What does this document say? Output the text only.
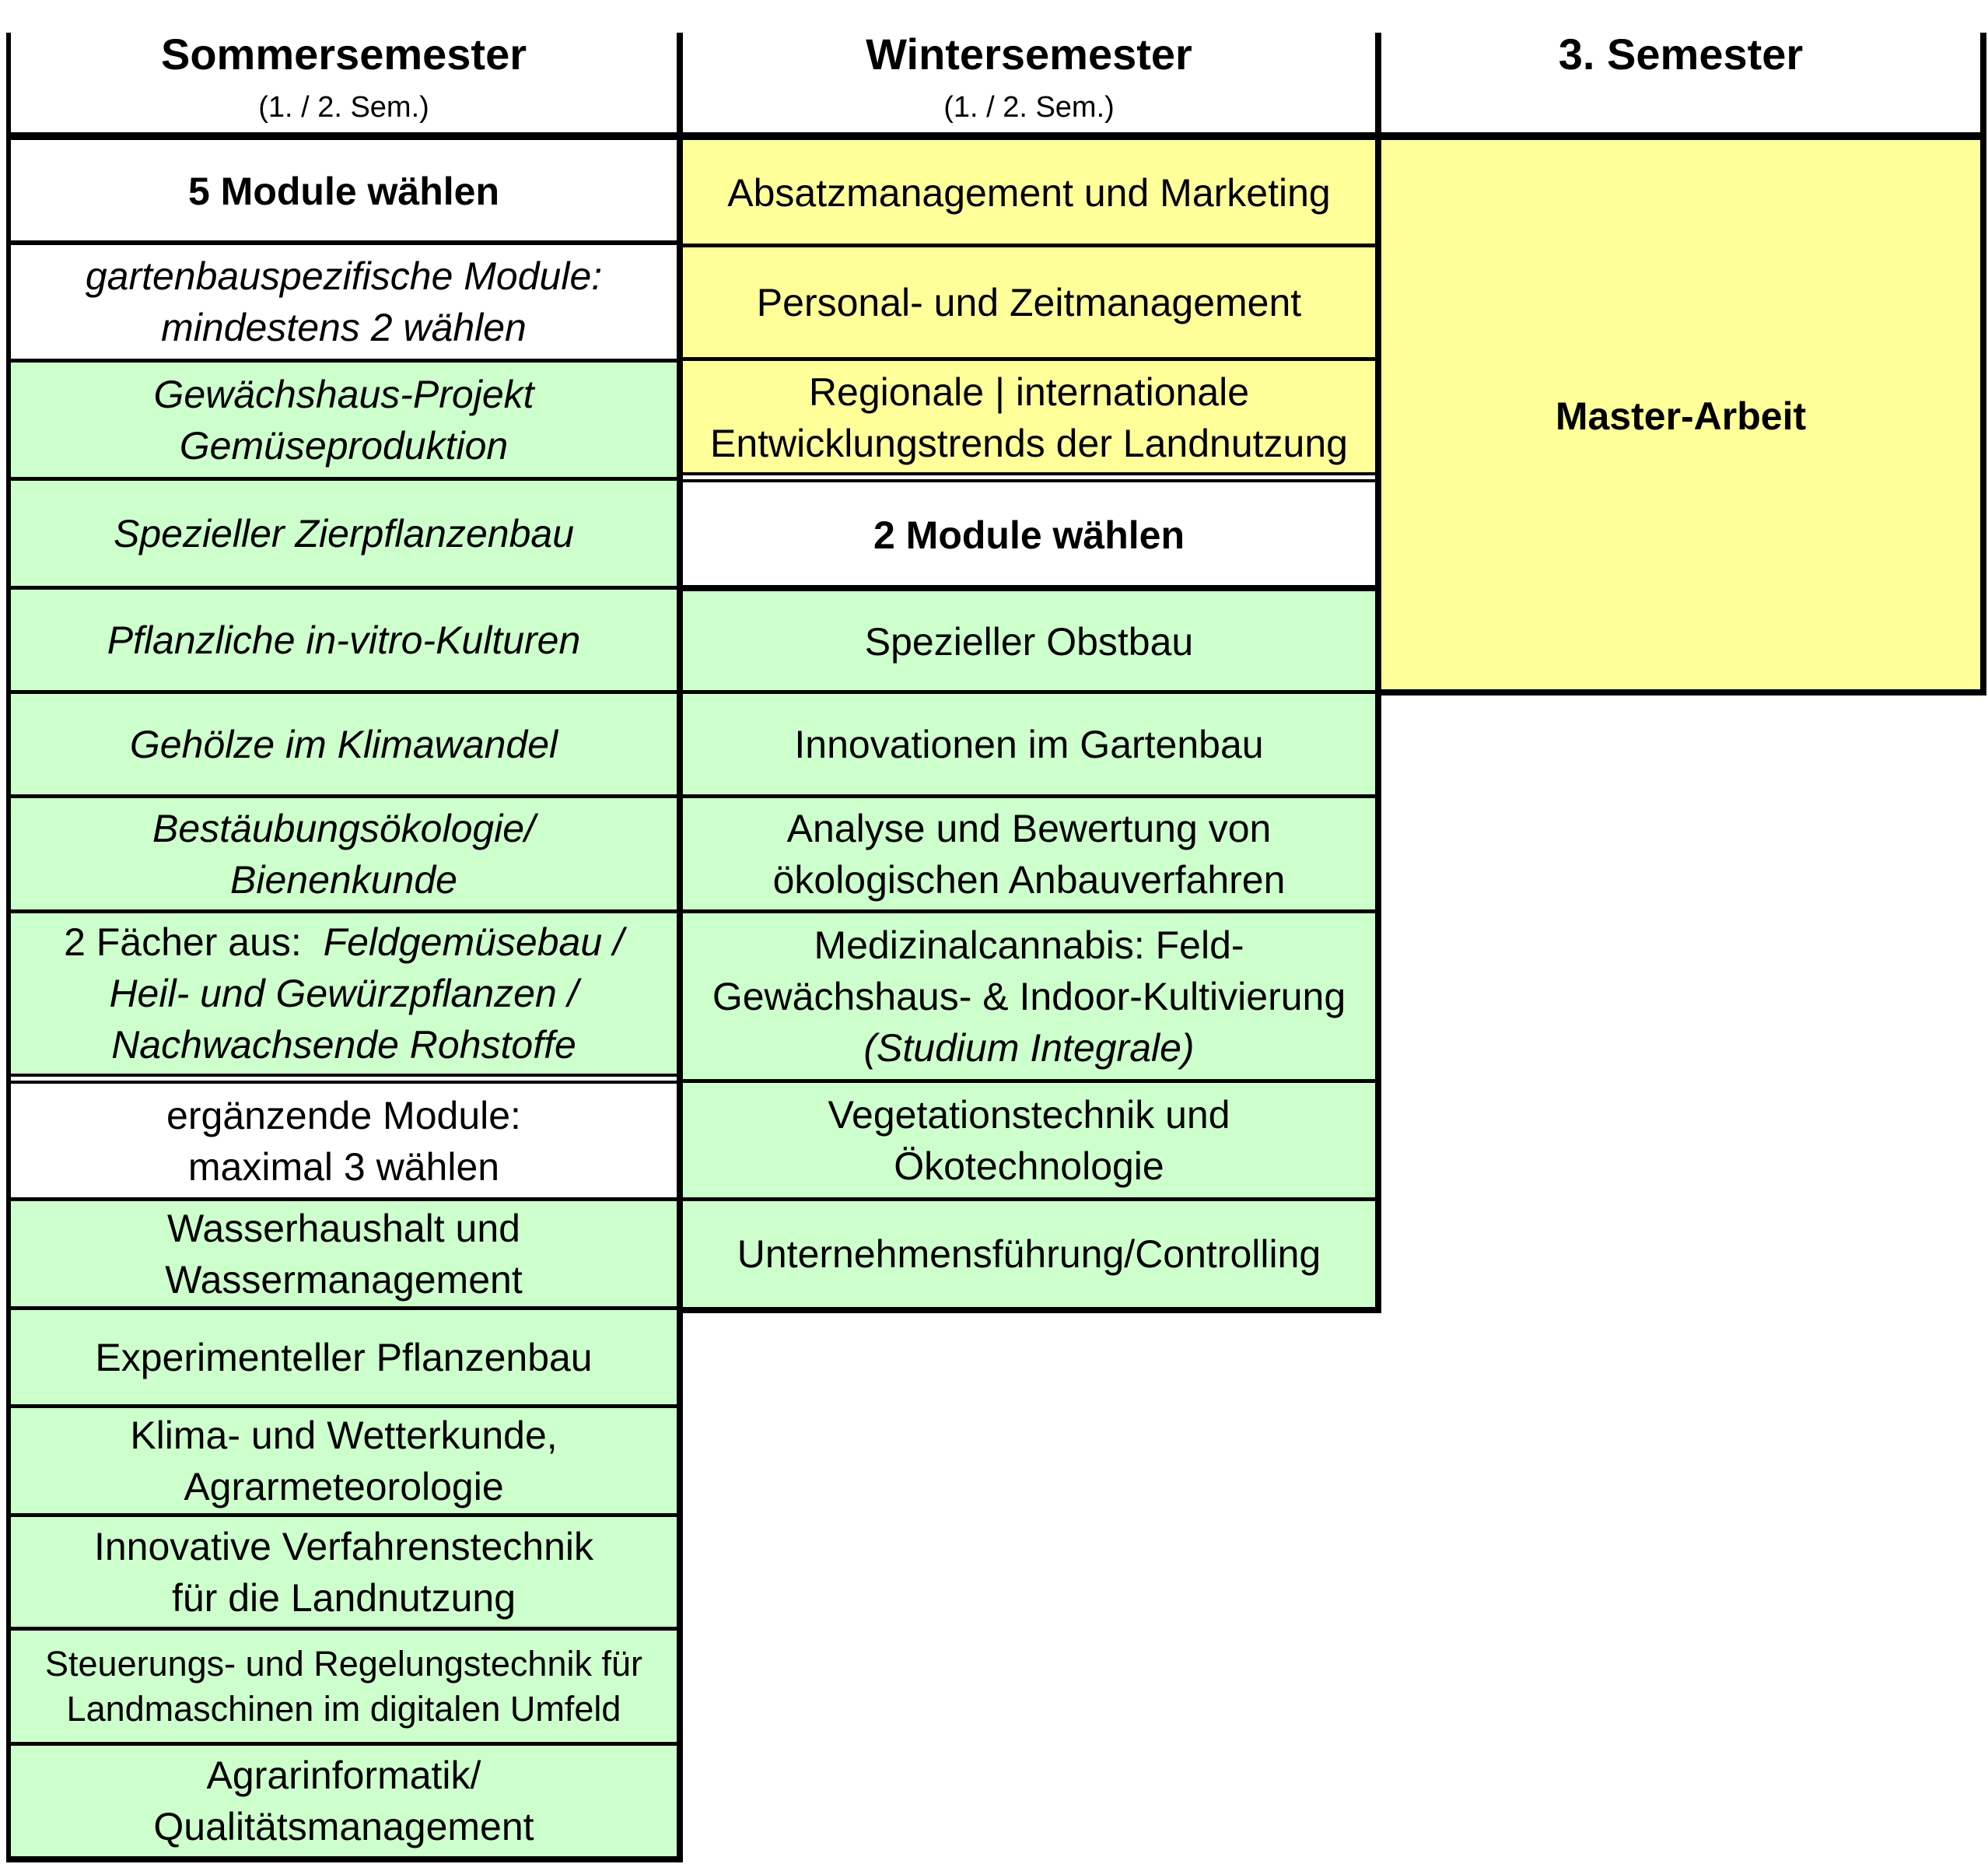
Sommersemester
(1. / 2. Sem.)
Wintersemester
(1. / 2. Sem.)
3. Semester
5 Module wählen
gartenbauspezifische Module:
mindestens 2 wählen
Gewächshaus-Projekt
Gemüseproduktion
Spezieller Zierpflanzenbau
Pflanzliche in-vitro-Kulturen
Gehölze im Klimawandel
Bestäubungsökologie/
Bienenkunde
2 Fächer aus: Feldgemüsebau /
Heil- und Gewürzpflanzen /
Nachwachsende Rohstoffe
ergänzende Module:
maximal 3 wählen
Wasserhaushalt und
Wassermanagement
Experimenteller Pflanzenbau
Klima- und Wetterkunde,
Agrarmeteorologie
Innovative Verfahrenstechnik
für die Landnutzung
Steuerungs- und Regelungstechnik für
Landmaschinen im digitalen Umfeld
Agrarinformatik/
Qualitätsmanagement
Absatzmanagement und Marketing
Personal- und Zeitmanagement
Regionale | internationale
Entwicklungstrends der Landnutzung
2 Module wählen
Spezieller Obstbau
Innovationen im Gartenbau
Analyse und Bewertung von
ökologischen Anbauverfahren
Medizinalcannabis: Feld-
Gewächshaus- & Indoor-Kultivierung
(Studium Integrale)
Vegetationstechnik und
Ökotechnologie
Unternehmensführung/Controlling
Master-Arbeit
